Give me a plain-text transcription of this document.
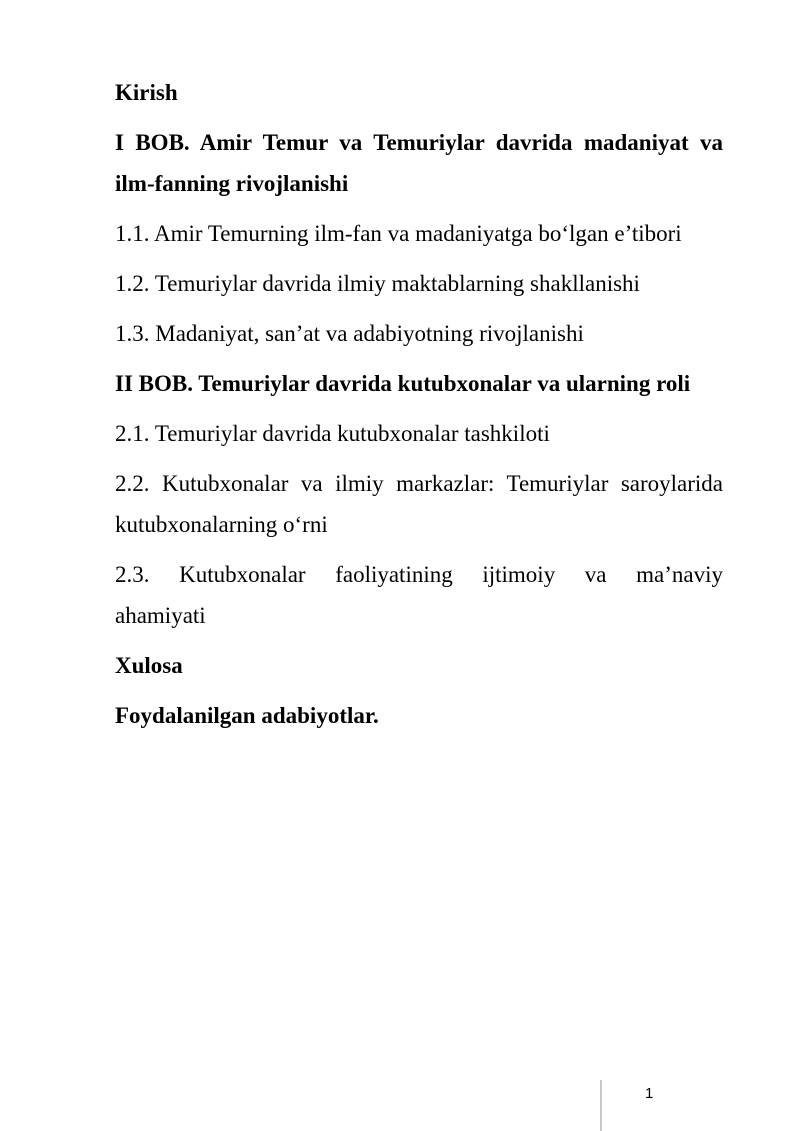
Kirish

I BOB. Amir Temur va Temuriylar davrida madaniyat va ilm-fanning rivojlanishi

1.1. Amir Temurning ilm-fan va madaniyatga bo‘lgan e’tibori

1.2. Temuriylar davrida ilmiy maktablarning shakllanishi

1.3. Madaniyat, san’at va adabiyotning rivojlanishi

II BOB. Temuriylar davrida kutubxonalar va ularning roli

2.1. Temuriylar davrida kutubxonalar tashkiloti

2.2. Kutubxonalar va ilmiy markazlar: Temuriylar saroylarida kutubxonalarning o‘rni

2.3. Kutubxonalar faoliyatining ijtimoiy va ma’naviy
ahamiyati

Xulosa

Foydalanilgan adabiyotlar.

1
